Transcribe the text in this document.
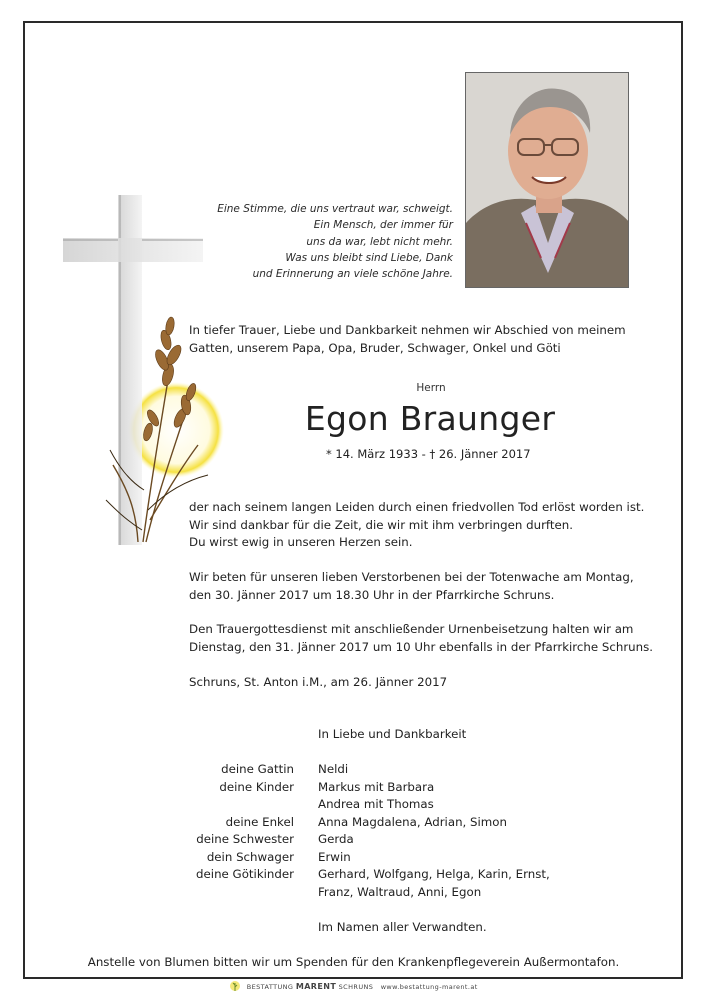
Eine Stimme, die uns vertraut war, schweigt.
Ein Mensch, der immer für
uns da war, lebt nicht mehr.
Was uns bleibt sind Liebe, Dank
und Erinnerung an viele schöne Jahre.
In tiefer Trauer, Liebe und Dankbarkeit nehmen wir Abschied von meinem
Gatten, unserem Papa, Opa, Bruder, Schwager, Onkel und Göti
Herrn
Egon Braunger
* 14. März 1933 - † 26. Jänner 2017
der nach seinem langen Leiden durch einen friedvollen Tod erlöst worden ist.
Wir sind dankbar für die Zeit, die wir mit ihm verbringen durften.
Du wirst ewig in unseren Herzen sein.
Wir beten für unseren lieben Verstorbenen bei der Totenwache am Montag,
den 30. Jänner 2017 um 18.30 Uhr in der Pfarrkirche Schruns.
Den Trauergottesdienst mit anschließender Urnenbeisetzung halten wir am
Dienstag, den 31. Jänner 2017 um 10 Uhr ebenfalls in der Pfarrkirche Schruns.
Schruns, St. Anton i.M., am 26. Jänner 2017
In Liebe und Dankbarkeit
deine Gattin Neldi
deine Kinder Markus mit Barbara
Andrea mit Thomas
deine Enkel Anna Magdalena, Adrian, Simon
deine Schwester Gerda
dein Schwager Erwin
deine Götikinder Gerhard, Wolfgang, Helga, Karin, Ernst,
Franz, Waltraud, Anni, Egon
Im Namen aller Verwandten.
Anstelle von Blumen bitten wir um Spenden für den Krankenpflegeverein Außermontafon.
BESTATTUNG MARENT SCHRUNS www.bestattung-marent.at
